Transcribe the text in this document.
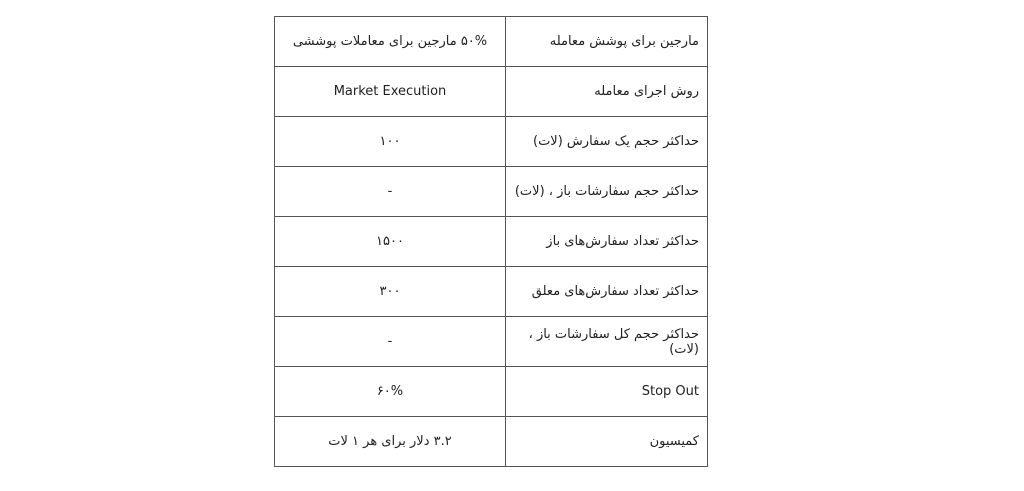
۵۰% مارجین برای معاملات پوششی	مارجین برای پوشش معامله
Market Execution	روش اجرای معامله
۱۰۰	حداکثر حجم یک سفارش (لات)
-	حداکثر حجم سفارشات باز ، (لات)
۱۵۰۰	حداکثر تعداد سفارش‌های باز
۳۰۰	حداکثر تعداد سفارش‌های معلق
-	حداکثر حجم کل سفارشات باز ، (لات)
۶۰%	Stop Out
۳.۲ دلار برای هر ۱ لات	کمیسیون
